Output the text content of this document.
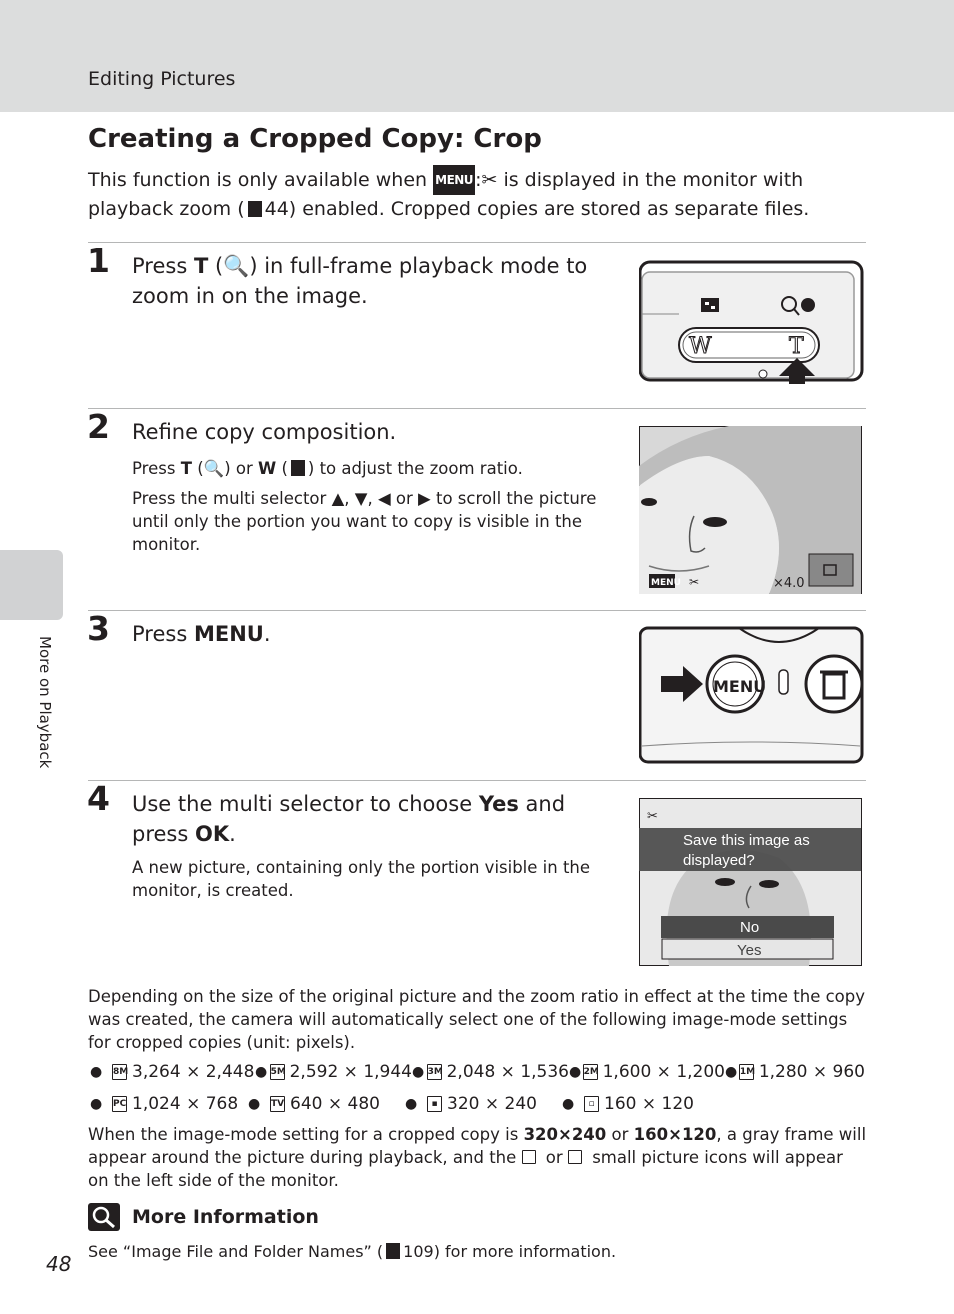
Editing Pictures
More on Playback
Creating a Cropped Copy: Crop

This function is only available when MENU :✂ is displayed in the monitor with playback zoom ( 44) enabled. Cropped copies are stored as separate files.

1 Press T (🔍) in full-frame playback mode to zoom in on the image.
W	T
2 Refine copy composition.

Press T (🔍) or W ( ) to adjust the zoom ratio.

Press the multi selector ▲, ▼, ◀ or ▶ to scroll the picture until only the portion you want to copy is visible in the monitor.

MENU ✂	×4.0
3 Press MENU.
MENU
4 Use the multi selector to choose Yes and press OK.
A new picture, containing only the portion visible in the monitor, is created.
✂
Save this image as
displayed?
No
Yes
Depending on the size of the original picture and the zoom ratio in effect at the time the copy was created, the camera will automatically select one of the following image-mode settings for cropped copies (unit: pixels).
●	8M 3,264 × 2,448 ● 5M 2,592 × 1,944 ● 3M 2,048 × 1,536 ● 2M 1,600 × 1,200 ● 1M 1,280 × 960
●	PC 1,024 × 768 ●	TV 640 × 480 ●	▪ 320 × 240 ●	▫ 160 × 120
When the image-mode setting for a cropped copy is 320×240 or 160×120, a gray frame will appear around the picture during playback, and the or small picture icons will appear on the left side of the monitor.
More Information
See “Image File and Folder Names” ( 109) for more information.
48
